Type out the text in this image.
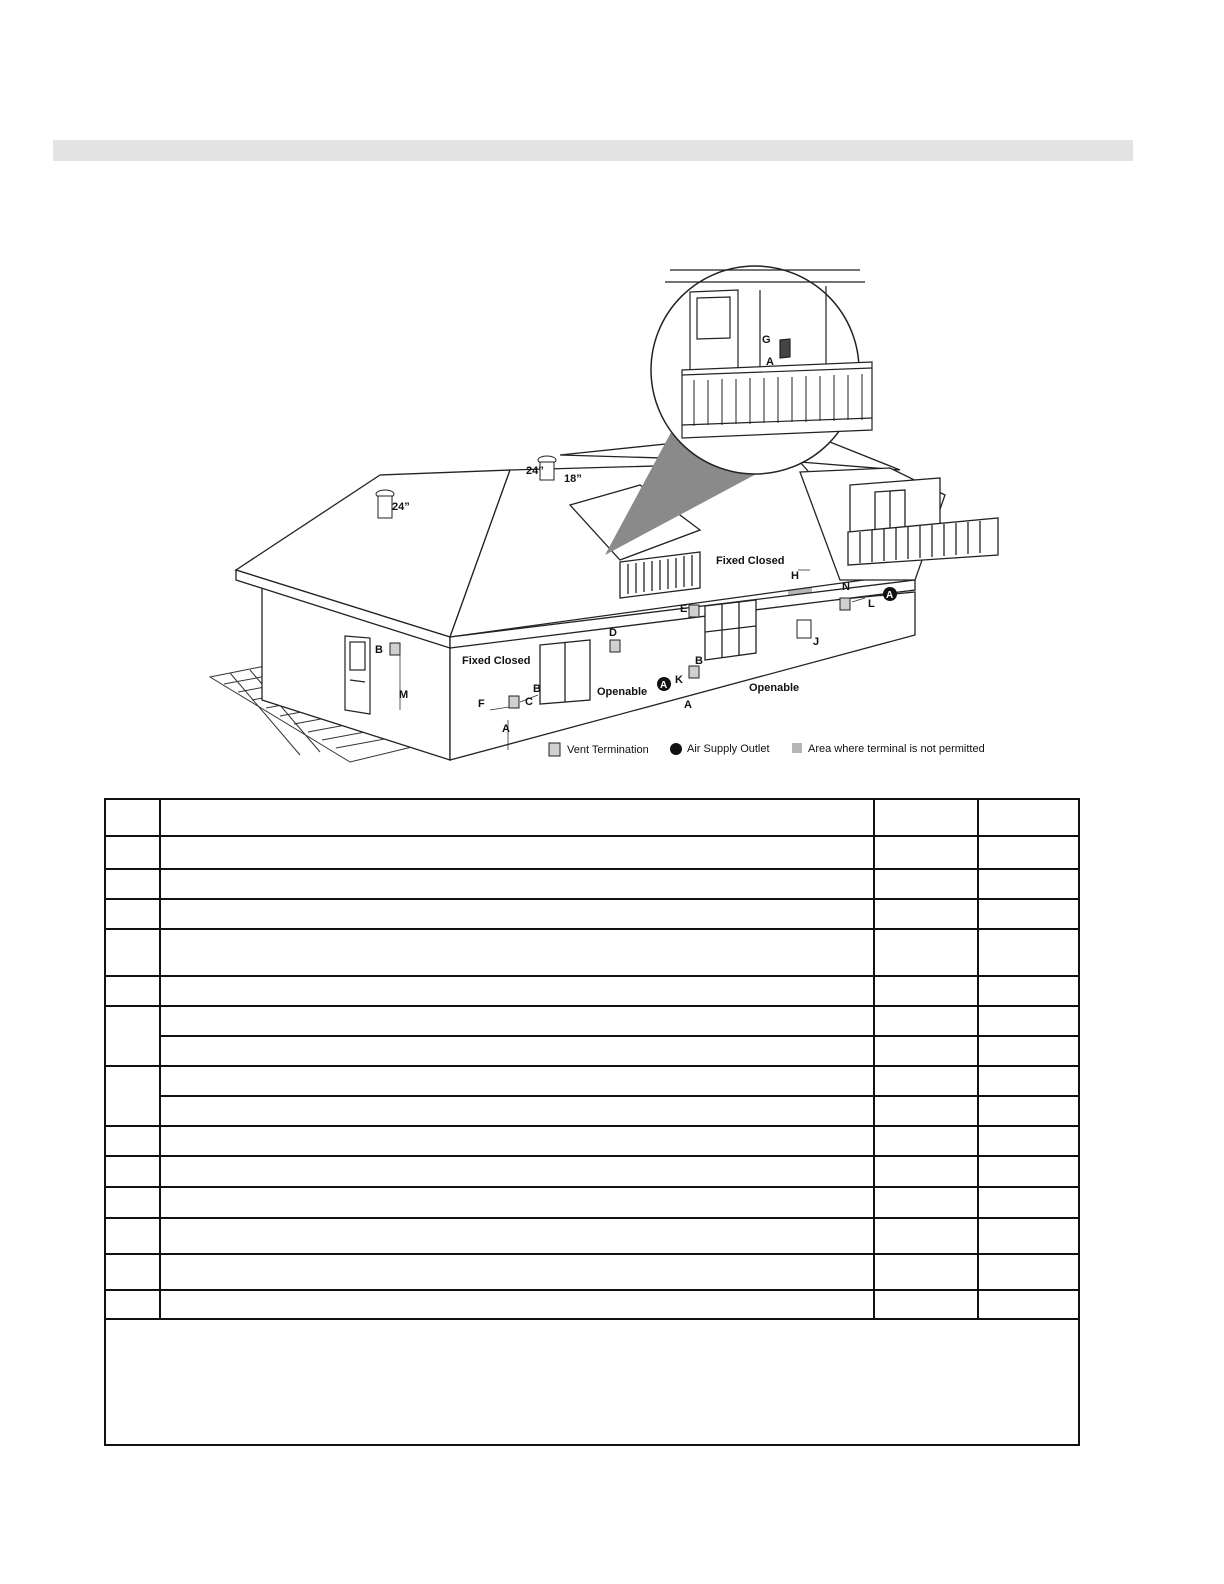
G
A
24”
24”
18”
B
M
F	C
A
B
D
E
B
K
A
H
J
N
L
Fixed Closed
Openable
Fixed Closed
Openable
A
A
Vent Termination	Air Supply Outlet	Area where terminal is not permitted
